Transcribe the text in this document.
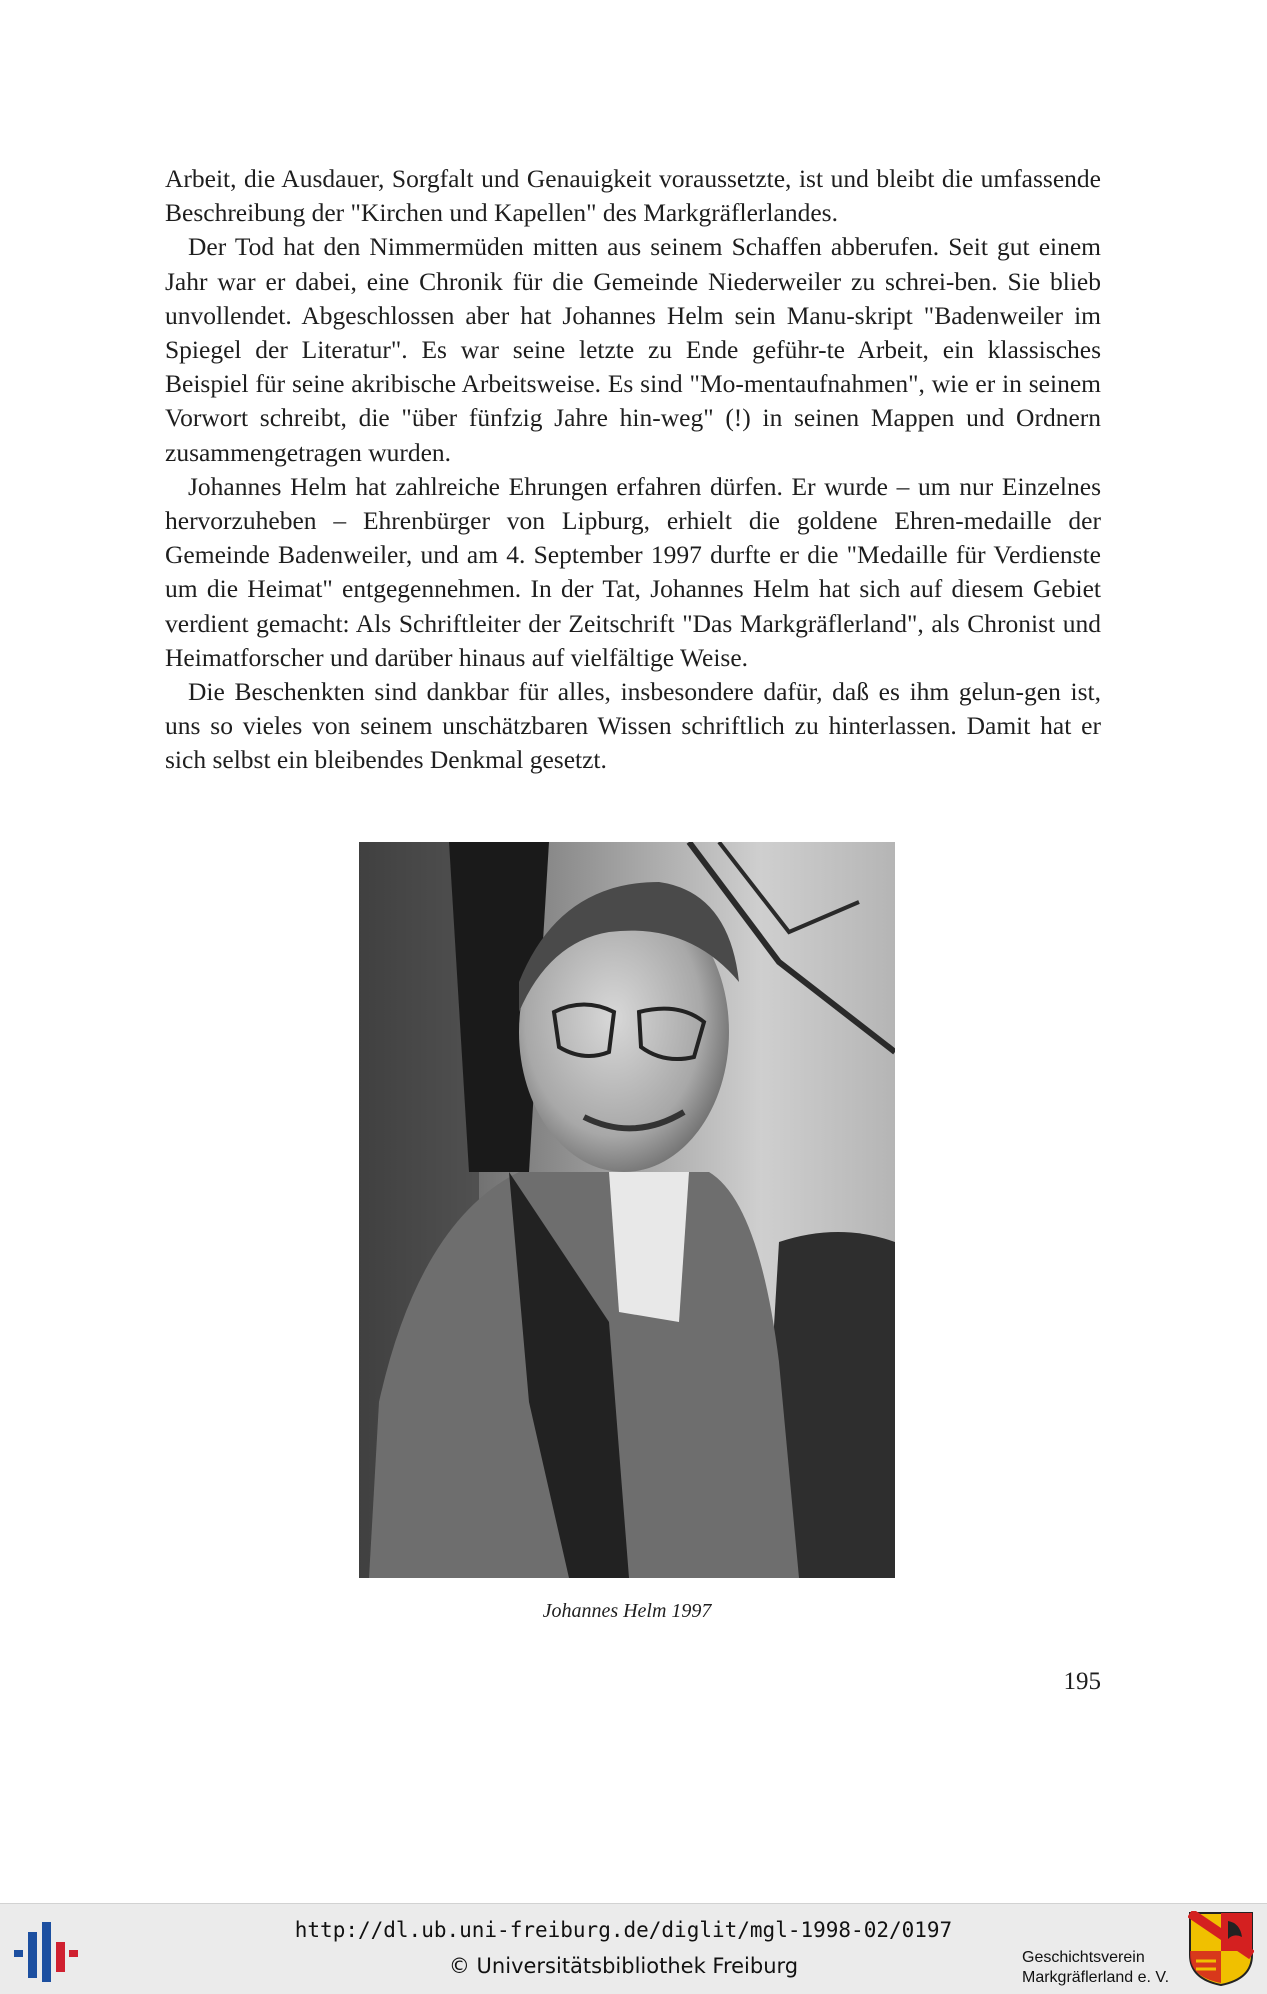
Arbeit, die Ausdauer, Sorgfalt und Genauigkeit voraussetzte, ist und bleibt die umfassende Beschreibung der "Kirchen und Kapellen" des Markgräflerlandes.

Der Tod hat den Nimmermüden mitten aus seinem Schaffen abberufen. Seit gut einem Jahr war er dabei, eine Chronik für die Gemeinde Niederweiler zu schrei-ben. Sie blieb unvollendet. Abgeschlossen aber hat Johannes Helm sein Manu-skript "Badenweiler im Spiegel der Literatur". Es war seine letzte zu Ende geführ-te Arbeit, ein klassisches Beispiel für seine akribische Arbeitsweise. Es sind "Mo-mentaufnahmen", wie er in seinem Vorwort schreibt, die "über fünfzig Jahre hin-weg" (!) in seinen Mappen und Ordnern zusammengetragen wurden.

Johannes Helm hat zahlreiche Ehrungen erfahren dürfen. Er wurde – um nur Einzelnes hervorzuheben – Ehrenbürger von Lipburg, erhielt die goldene Ehren-medaille der Gemeinde Badenweiler, und am 4. September 1997 durfte er die "Medaille für Verdienste um die Heimat" entgegennehmen. In der Tat, Johannes Helm hat sich auf diesem Gebiet verdient gemacht: Als Schriftleiter der Zeitschrift "Das Markgräflerland", als Chronist und Heimatforscher und darüber hinaus auf vielfältige Weise.

Die Beschenkten sind dankbar für alles, insbesondere dafür, daß es ihm gelun-gen ist, uns so vieles von seinem unschätzbaren Wissen schriftlich zu hinterlassen. Damit hat er sich selbst ein bleibendes Denkmal gesetzt.

Johannes Helm 1997
195
http://dl.ub.uni-freiburg.de/diglit/mgl-1998-02/0197
© Universitätsbibliothek Freiburg	Geschichtsverein
Markgräflerland e. V.
